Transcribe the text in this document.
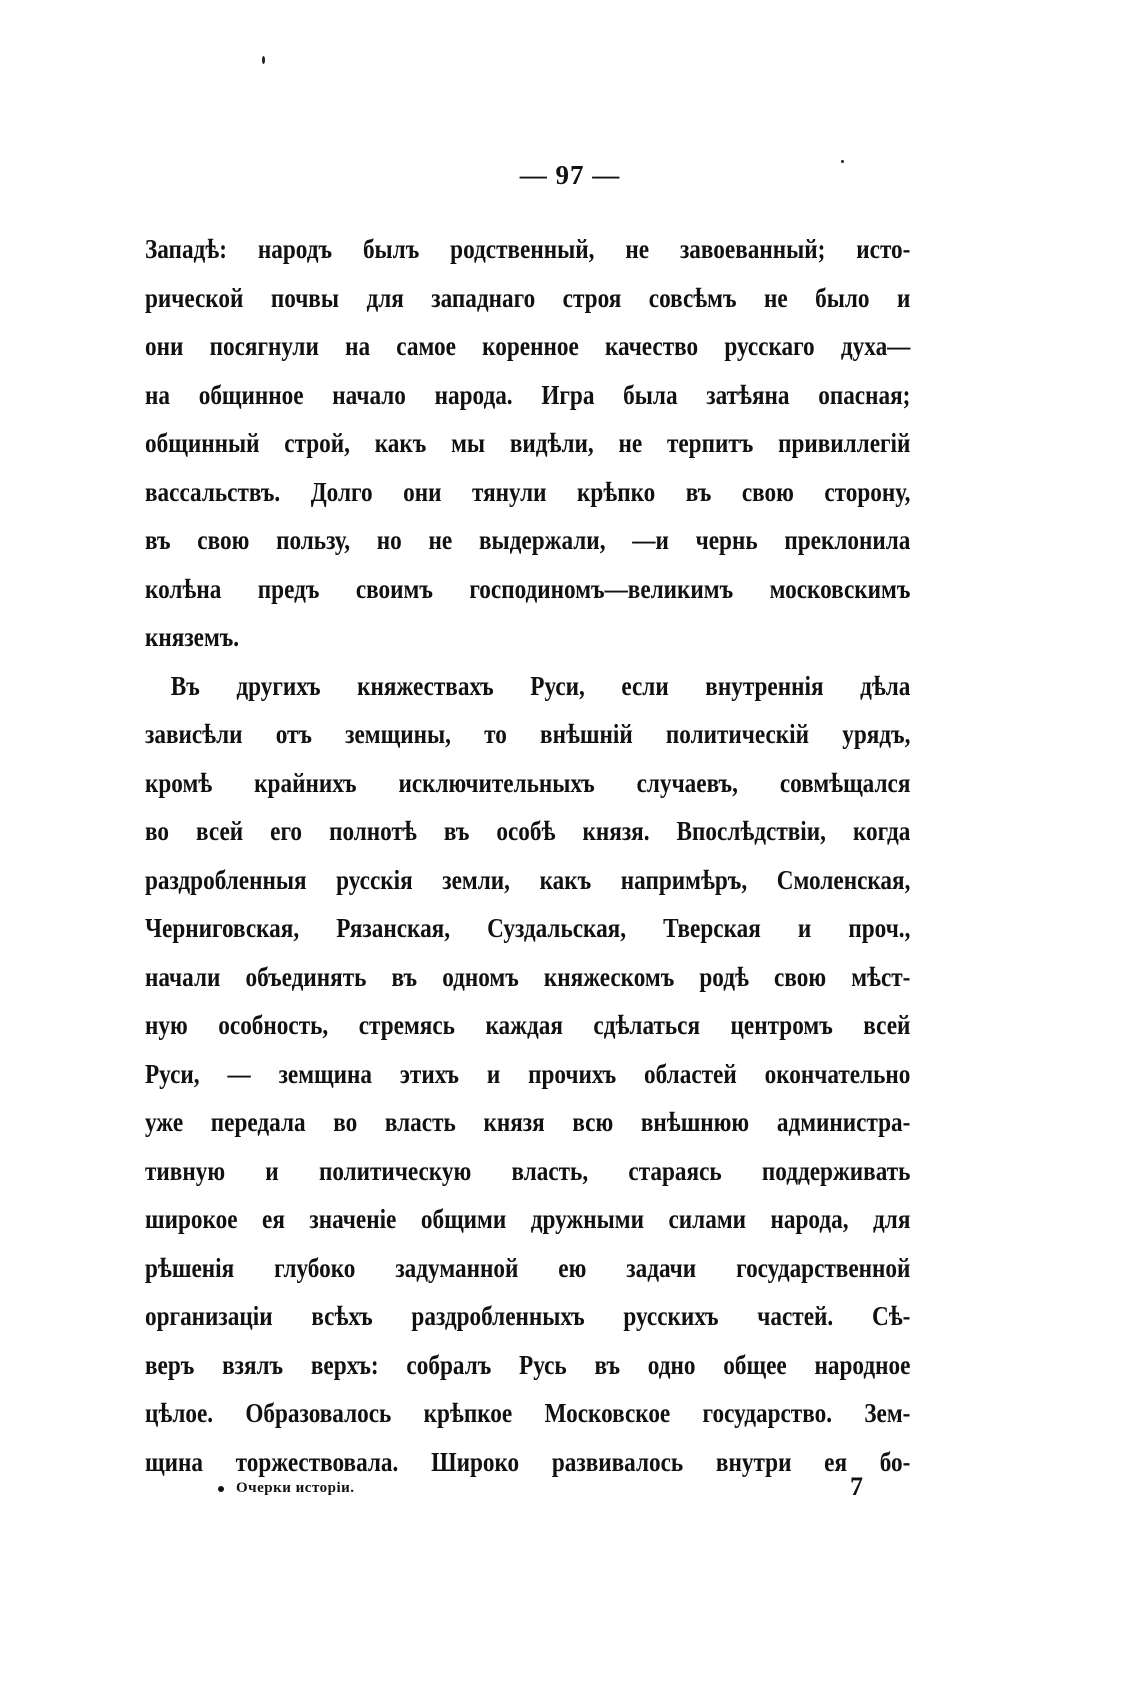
— 97 —
Западѣ: народъ былъ родственный, не завоеванный; исто-
рической почвы для западнаго строя совсѣмъ не было и
они посягнули на самое коренное качество русскаго духа—
на общинное начало народа. Игра была затѣяна опасная;
общинный строй, какъ мы видѣли, не терпитъ привиллегій
вассальствъ. Долго они тянули крѣпко въ свою сторону,
въ свою пользу, но не выдержали, —и чернь преклонила
колѣна предъ своимъ господиномъ—великимъ московскимъ
княземъ.
Въ другихъ княжествахъ Руси, если внутреннія дѣла
зависѣли отъ земщины, то внѣшній политическій урядъ,
кромѣ крайнихъ исключительныхъ случаевъ, совмѣщался
во всей его полнотѣ въ особѣ князя. Впослѣдствіи, когда
раздробленныя русскія земли, какъ напримѣръ, Смоленская,
Черниговская, Рязанская, Суздальская, Тверская и проч.,
начали объединять въ одномъ княжескомъ родѣ свою мѣст-
ную особность, стремясь каждая сдѣлаться центромъ всей
Руси, — земщина этихъ и прочихъ областей окончательно
уже передала во власть князя всю внѣшнюю администра-
тивную и политическую власть, стараясь поддерживать
широкое ея значеніе общими дружными силами народа, для
рѣшенія глубоко задуманной ею задачи государственной
организаціи всѣхъ раздробленныхъ русскихъ частей. Сѣ-
веръ взялъ верхъ: собралъ Русь въ одно общее народное
цѣлое. Образовалось крѣпкое Московское государство. Зем-
щина торжествовала. Широко развивалось внутри ея бо-
Очерки исторіи.	7
